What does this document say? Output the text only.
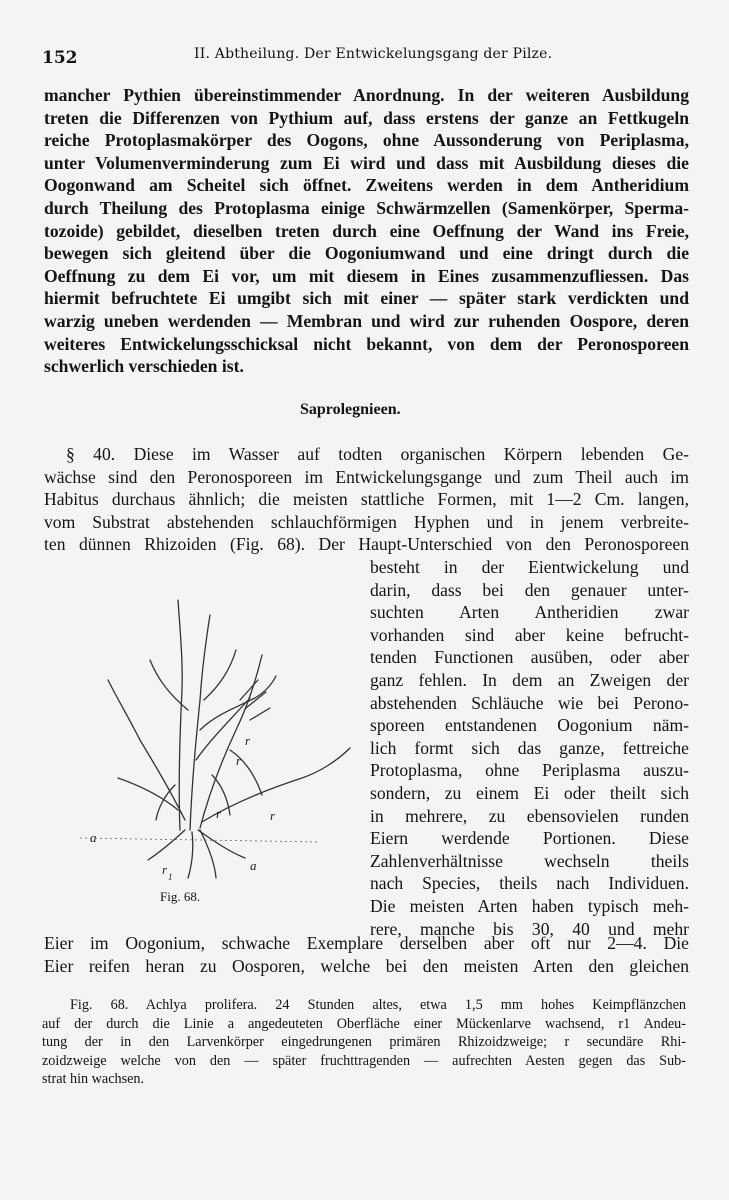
152	II. Abtheilung. Der Entwickelungsgang der Pilze.

mancher Pythien übereinstimmender Anordnung. In der weiteren Ausbildung
treten die Differenzen von Pythium auf, dass erstens der ganze an Fettkugeln
reiche Protoplasmakörper des Oogons, ohne Aussonderung von Periplasma,
unter Volumenverminderung zum Ei wird und dass mit Ausbildung dieses die
Oogonwand am Scheitel sich öffnet. Zweitens werden in dem Antheridium
durch Theilung des Protoplasma einige Schwärmzellen (Samenkörper, Sperma-
tozoide) gebildet, dieselben treten durch eine Oeffnung der Wand ins Freie,
bewegen sich gleitend über die Oogoniumwand und eine dringt durch die
Oeffnung zu dem Ei vor, um mit diesem in Eines zusammenzufliessen. Das
hiermit befruchtete Ei umgibt sich mit einer — später stark verdickten und
warzig uneben werdenden — Membran und wird zur ruhenden Oospore, deren
weiteres Entwickelungsschicksal nicht bekannt, von dem der Peronosporeen
schwerlich verschieden ist.

Saprolegnieen.

§ 40. Diese im Wasser auf todten organischen Körpern lebenden Ge-
wächse sind den Peronosporeen im Entwickelungsgange und zum Theil auch im
Habitus durchaus ähnlich; die meisten stattliche Formen, mit 1—2 Cm. langen,
vom Substrat abstehenden schlauchförmigen Hyphen und in jenem verbreite-
ten dünnen Rhizoiden (Fig. 68). Der Haupt-Unterschied von den Peronosporeen

besteht in der Eientwickelung und
darin, dass bei den genauer unter-
suchten Arten Antheridien zwar
vorhanden sind aber keine befrucht-
tenden Functionen ausüben, oder aber
ganz fehlen. In dem an Zweigen der
abstehenden Schläuche wie bei Perono-
sporeen entstandenen Oogonium näm-
lich formt sich das ganze, fettreiche
Protoplasma, ohne Periplasma auszu-
sondern, zu einem Ei oder theilt sich
in mehrere, zu ebensovielen runden
Eiern werdende Portionen. Diese
Zahlenverhältnisse wechseln theils
nach Species, theils nach Individuen.
Die meisten Arten haben typisch meh-
rere, manche bis 30, 40 und mehr

Eier im Oogonium, schwache Exemplare derselben aber oft nur 2—4. Die
Eier reifen heran zu Oosporen, welche bei den meisten Arten den gleichen

a
a
r
r
r	r
r 1
Fig. 68.
Fig. 68. Achlya prolifera. 24 Stunden altes, etwa 1,5 mm hohes Keimpflänzchen
auf der durch die Linie a angedeuteten Oberfläche einer Mückenlarve wachsend, r1 Andeu-
tung der in den Larvenkörper eingedrungenen primären Rhizoidzweige; r secundäre Rhi-
zoidzweige welche von den — später fruchttragenden — aufrechten Aesten gegen das Sub-
strat hin wachsen.
